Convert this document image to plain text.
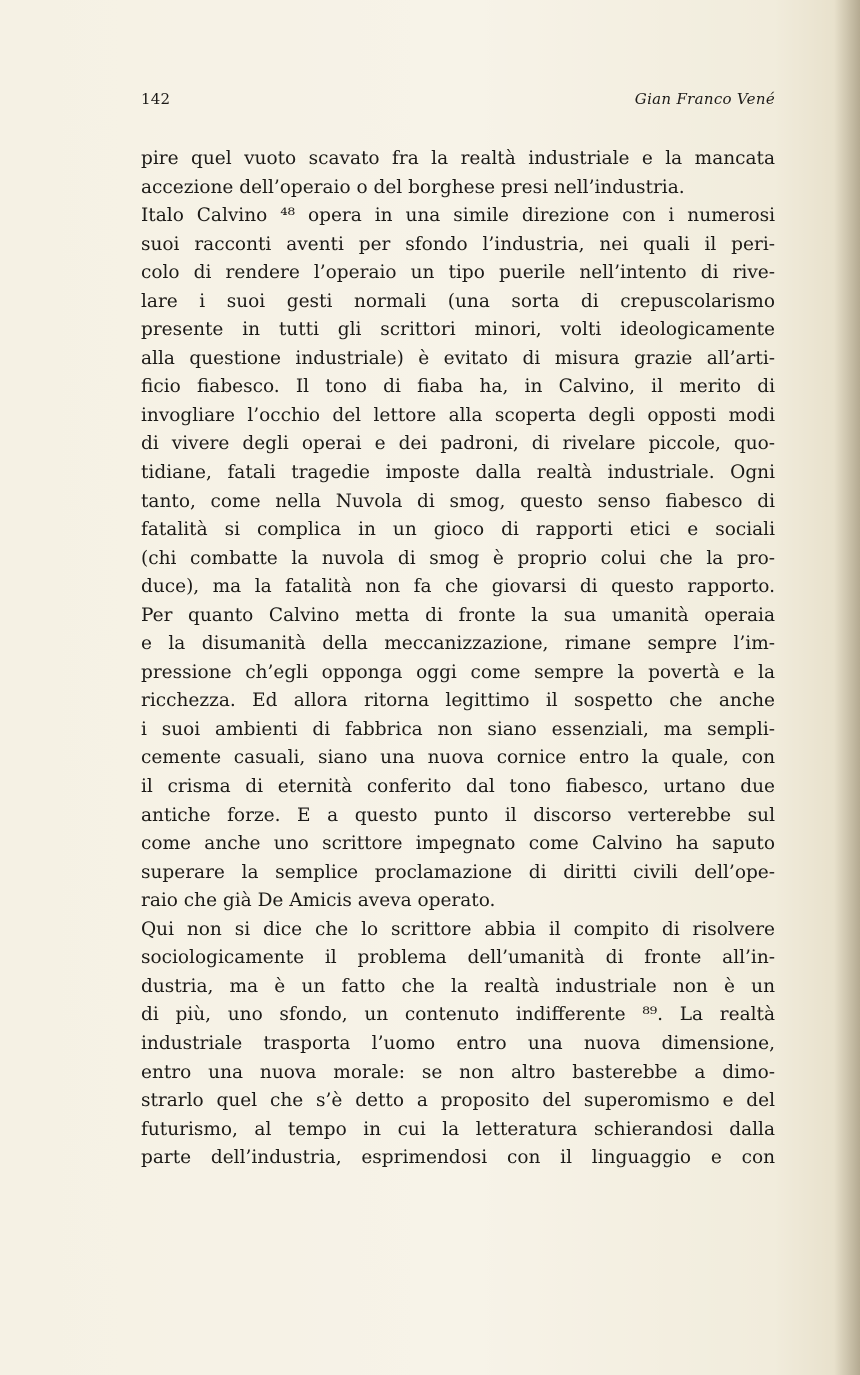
142	Gian Franco Vené
pire quel vuoto scavato fra la realtà industriale e la mancata
accezione dell’operaio o del borghese presi nell’industria.
Italo Calvino ⁴⁸ opera in una simile direzione con i numerosi
suoi racconti aventi per sfondo l’industria, nei quali il peri-
colo di rendere l’operaio un tipo puerile nell’intento di rive-
lare i suoi gesti normali (una sorta di crepuscolarismo
presente in tutti gli scrittori minori, volti ideologicamente
alla questione industriale) è evitato di misura grazie all’arti-
ficio fiabesco. Il tono di fiaba ha, in Calvino, il merito di
invogliare l’occhio del lettore alla scoperta degli opposti modi
di vivere degli operai e dei padroni, di rivelare piccole, quo-
tidiane, fatali tragedie imposte dalla realtà industriale. Ogni
tanto, come nella Nuvola di smog, questo senso fiabesco di
fatalità si complica in un gioco di rapporti etici e sociali
(chi combatte la nuvola di smog è proprio colui che la pro-
duce), ma la fatalità non fa che giovarsi di questo rapporto.
Per quanto Calvino metta di fronte la sua umanità operaia
e la disumanità della meccanizzazione, rimane sempre l’im-
pressione ch’egli opponga oggi come sempre la povertà e la
ricchezza. Ed allora ritorna legittimo il sospetto che anche
i suoi ambienti di fabbrica non siano essenziali, ma sempli-
cemente casuali, siano una nuova cornice entro la quale, con
il crisma di eternità conferito dal tono fiabesco, urtano due
antiche forze. E a questo punto il discorso verterebbe sul
come anche uno scrittore impegnato come Calvino ha saputo
superare la semplice proclamazione di diritti civili dell’ope-
raio che già De Amicis aveva operato.
Qui non si dice che lo scrittore abbia il compito di risolvere
sociologicamente il problema dell’umanità di fronte all’in-
dustria, ma è un fatto che la realtà industriale non è un
di più, uno sfondo, un contenuto indifferente ⁸⁹. La realtà
industriale trasporta l’uomo entro una nuova dimensione,
entro una nuova morale: se non altro basterebbe a dimo-
strarlo quel che s’è detto a proposito del superomismo e del
futurismo, al tempo in cui la letteratura schierandosi dalla
parte dell’industria, esprimendosi con il linguaggio e con
